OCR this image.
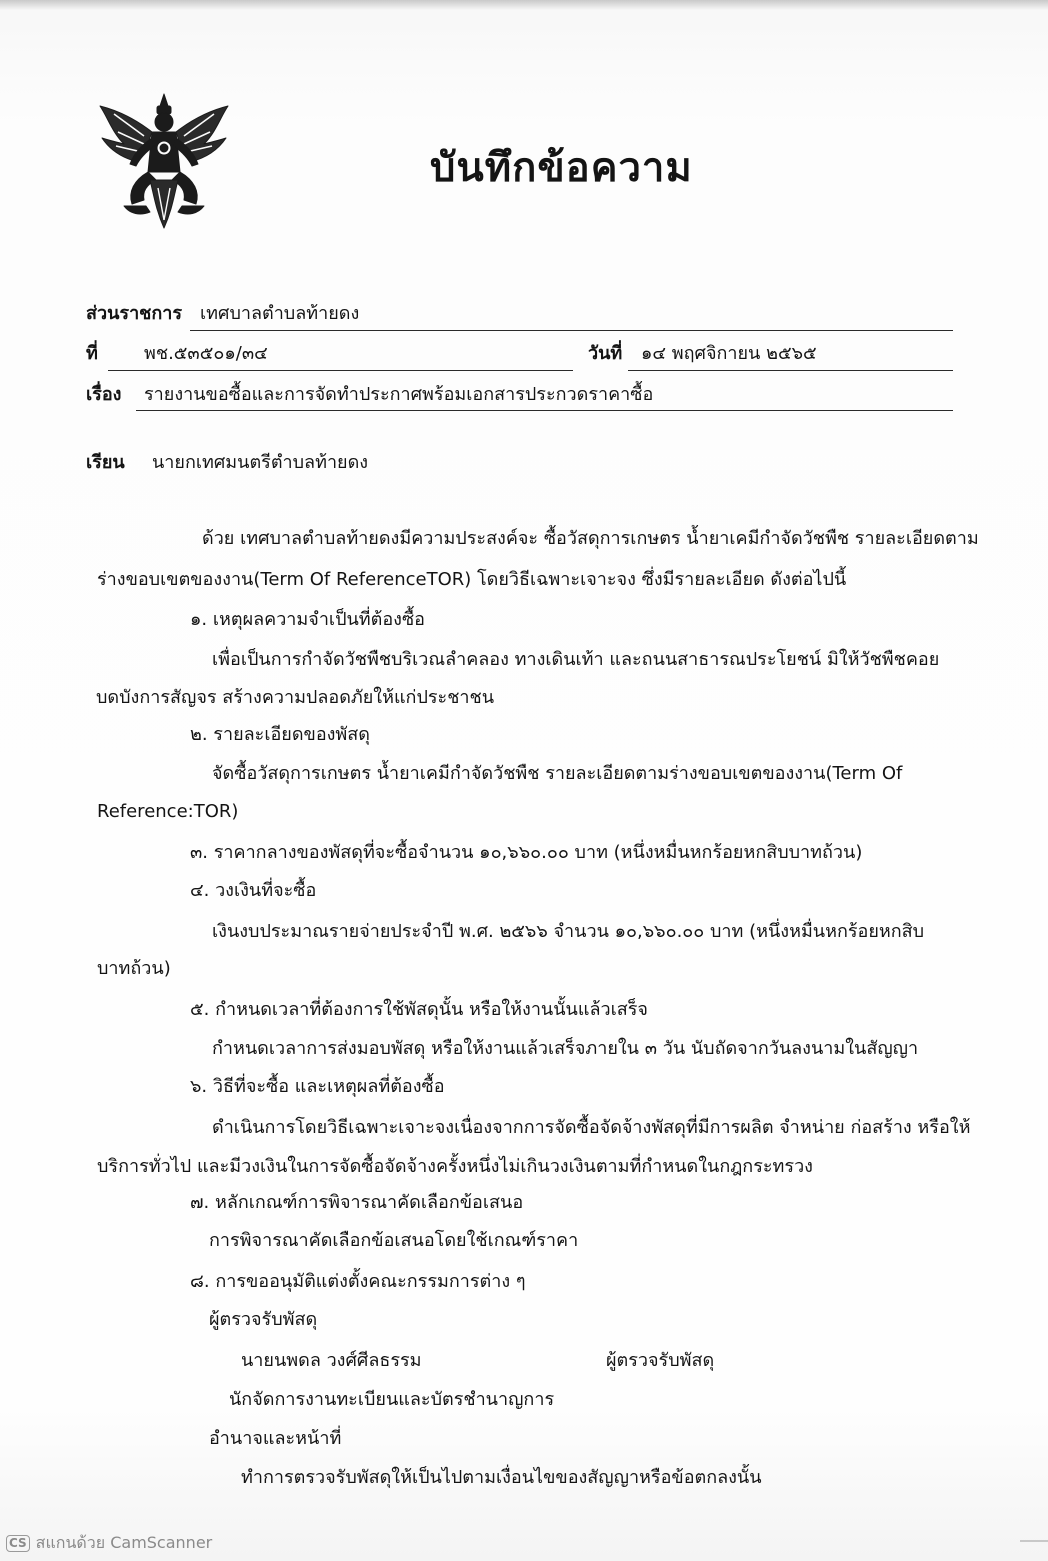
บันทึกข้อความ
ส่วนราชการ เทศบาลตำบลท้ายดง
ที่	พช.๕๓๕๐๑/๓๔	วันที่ ๑๔ พฤศจิกายน ๒๕๖๕
เรื่อง รายงานขอซื้อและการจัดทำประกาศพร้อมเอกสารประกวดราคาซื้อ
เรียน นายกเทศมนตรีตำบลท้ายดง
ด้วย เทศบาลตำบลท้ายดงมีความประสงค์จะ ซื้อวัสดุการเกษตร น้ำยาเคมีกำจัดวัชพืช รายละเอียดตาม
ร่างขอบเขตของงาน(Term Of ReferenceTOR) โดยวิธีเฉพาะเจาะจง ซึ่งมีรายละเอียด ดังต่อไปนี้
๑. เหตุผลความจำเป็นที่ต้องซื้อ
เพื่อเป็นการกำจัดวัชพืชบริเวณลำคลอง ทางเดินเท้า และถนนสาธารณประโยชน์ มิให้วัชพืชคอย
บดบังการสัญจร สร้างความปลอดภัยให้แก่ประชาชน
๒. รายละเอียดของพัสดุ
จัดซื้อวัสดุการเกษตร น้ำยาเคมีกำจัดวัชพืช รายละเอียดตามร่างขอบเขตของงาน(Term Of
Reference:TOR)
๓. ราคากลางของพัสดุที่จะซื้อจำนวน ๑๐,๖๖๐.๐๐ บาท (หนึ่งหมื่นหกร้อยหกสิบบาทถ้วน)
๔. วงเงินที่จะซื้อ
เงินงบประมาณรายจ่ายประจำปี พ.ศ. ๒๕๖๖ จำนวน ๑๐,๖๖๐.๐๐ บาท (หนึ่งหมื่นหกร้อยหกสิบ
บาทถ้วน)
๕. กำหนดเวลาที่ต้องการใช้พัสดุนั้น หรือให้งานนั้นแล้วเสร็จ
กำหนดเวลาการส่งมอบพัสดุ หรือให้งานแล้วเสร็จภายใน ๓ วัน นับถัดจากวันลงนามในสัญญา
๖. วิธีที่จะซื้อ และเหตุผลที่ต้องซื้อ
ดำเนินการโดยวิธีเฉพาะเจาะจงเนื่องจากการจัดซื้อจัดจ้างพัสดุที่มีการผลิต จำหน่าย ก่อสร้าง หรือให้
บริการทั่วไป และมีวงเงินในการจัดซื้อจัดจ้างครั้งหนึ่งไม่เกินวงเงินตามที่กำหนดในกฎกระทรวง
๗. หลักเกณฑ์การพิจารณาคัดเลือกข้อเสนอ
การพิจารณาคัดเลือกข้อเสนอโดยใช้เกณฑ์ราคา
๘. การขออนุมัติแต่งตั้งคณะกรรมการต่าง ๆ
ผู้ตรวจรับพัสดุ
นายนพดล วงศ์ศีลธรรม	ผู้ตรวจรับพัสดุ
นักจัดการงานทะเบียนและบัตรชำนาญการ
อำนาจและหน้าที่
ทำการตรวจรับพัสดุให้เป็นไปตามเงื่อนไขของสัญญาหรือข้อตกลงนั้น
CS สแกนด้วย CamScanner
